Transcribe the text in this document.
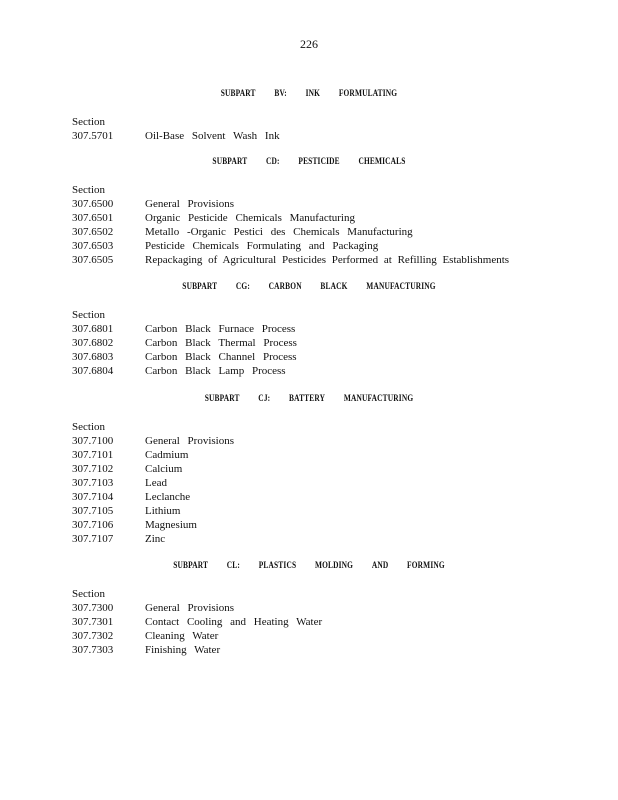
226
SUBPART BV: INK FORMULATING
Section
307.5701	Oil-Base Solvent Wash Ink
SUBPART CD: PESTICIDE CHEMICALS
Section
307.6500	General Provisions
307.6501	Organic Pesticide Chemicals Manufacturing
307.6502	Metallo -Organic Pestici des Chemicals Manufacturing
307.6503	Pesticide Chemicals Formulating and Packaging
307.6505	Repackaging of Agricultural Pesticides Performed at Refilling Establishments
SUBPART CG: CARBON BLACK MANUFACTURING
Section
307.6801	Carbon Black Furnace Process
307.6802	Carbon Black Thermal Process
307.6803	Carbon Black Channel Process
307.6804	Carbon Black Lamp Process
SUBPART CJ: BATTERY MANUFACTURING
Section
307.7100	General Provisions
307.7101	Cadmium
307.7102	Calcium
307.7103	Lead
307.7104	Leclanche
307.7105	Lithium
307.7106	Magnesium
307.7107	Zinc
SUBPART CL: PLASTICS MOLDING AND FORMING
Section
307.7300	General Provisions
307.7301	Contact Cooling and Heating Water
307.7302	Cleaning Water
307.7303	Finishing Water
